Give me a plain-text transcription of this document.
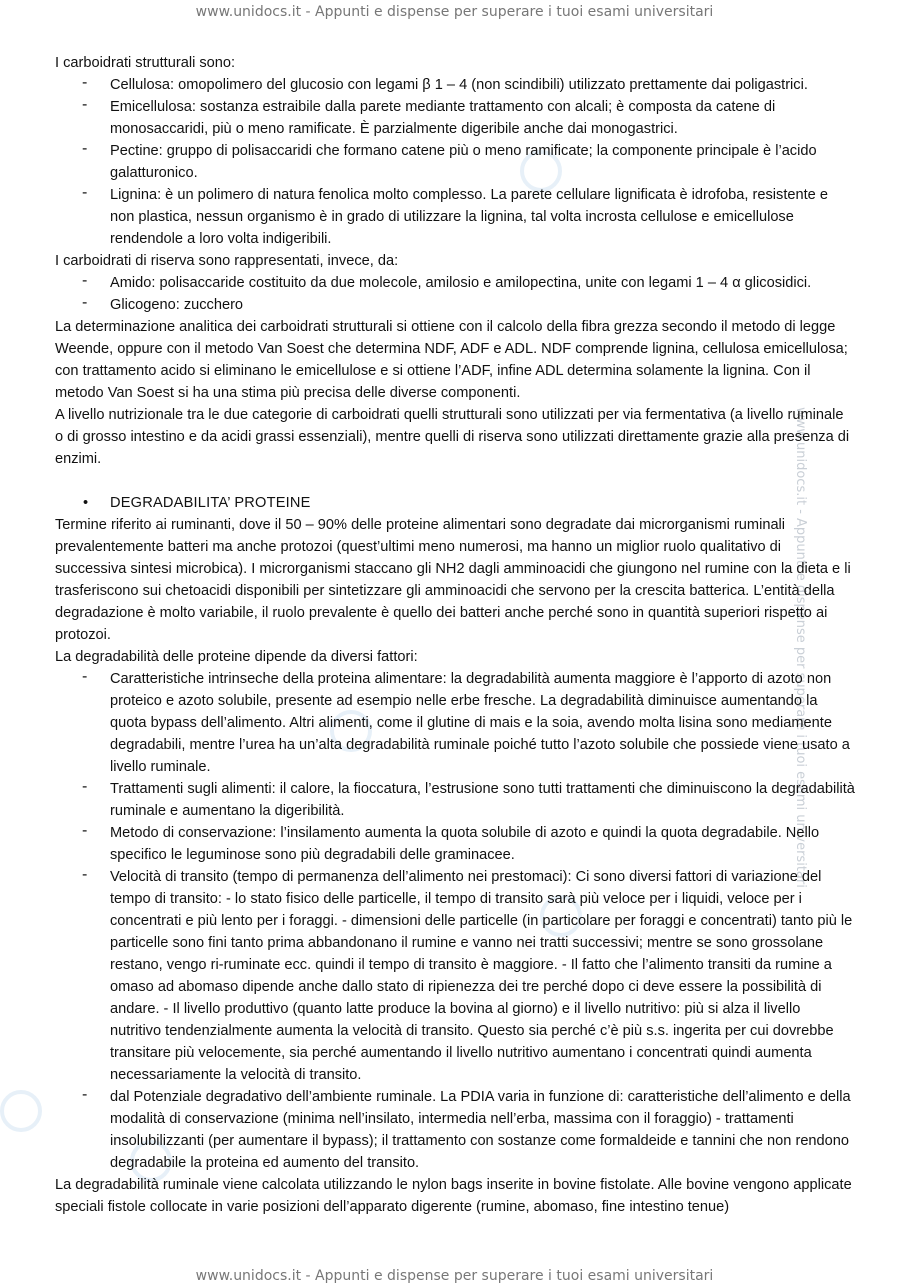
www.unidocs.it - Appunti e dispense per superare i tuoi esami universitari
www.unidocs.it - Appunti e dispense per superare i tuoi esami universitari

I carboidrati strutturali sono:

-	Cellulosa: omopolimero del glucosio con legami β 1 – 4 (non scindibili) utilizzato prettamente dai poligastrici.
-	Emicellulosa: sostanza estraibile dalla parete mediante trattamento con alcali; è composta da catene di monosaccaridi, più o meno ramificate. È parzialmente digeribile anche dai monogastrici.
-	Pectine: gruppo di polisaccaridi che formano catene più o meno ramificate; la componente principale è l’acido galatturonico.
-	Lignina: è un polimero di natura fenolica molto complesso. La parete cellulare lignificata è idrofoba, resistente e non plastica, nessun organismo è in grado di utilizzare la lignina, tal volta incrosta cellulose e emicellulose rendendole a loro volta indigeribili.

I carboidrati di riserva sono rappresentati, invece, da:

-	Amido: polisaccaride costituito da due molecole, amilosio e amilopectina, unite con legami 1 – 4 α glicosidici.
-	Glicogeno: zucchero

La determinazione analitica dei carboidrati strutturali si ottiene con il calcolo della fibra grezza secondo il metodo di legge Weende, oppure con il metodo Van Soest che determina NDF, ADF e ADL. NDF comprende lignina, cellulosa emicellulosa; con trattamento acido si eliminano le emicellulose e si ottiene l’ADF, infine ADL determina solamente la lignina. Con il metodo Van Soest si ha una stima più precisa delle diverse componenti.

A livello nutrizionale tra le due categorie di carboidrati quelli strutturali sono utilizzati per via fermentativa (a livello ruminale o di grosso intestino e da acidi grassi essenziali), mentre quelli di riserva sono utilizzati direttamente grazie alla presenza di enzimi.

•	DEGRADABILITA’ PROTEINE

Termine riferito ai ruminanti, dove il 50 – 90% delle proteine alimentari sono degradate dai microrganismi ruminali prevalentemente batteri ma anche protozoi (quest’ultimi meno numerosi, ma hanno un miglior ruolo qualitativo di successiva sintesi microbica). I microrganismi staccano gli NH2 dagli amminoacidi che giungono nel rumine con la dieta e li trasferiscono sui chetoacidi disponibili per sintetizzare gli amminoacidi che servono per la crescita batterica. L’entità della degradazione è molto variabile, il ruolo prevalente è quello dei batteri anche perché sono in quantità superiori rispetto ai protozoi.

La degradabilità delle proteine dipende da diversi fattori:

-	Caratteristiche intrinseche della proteina alimentare: la degradabilità aumenta maggiore è l’apporto di azoto non proteico e azoto solubile, presente ad esempio nelle erbe fresche. La degradabilità diminuisce aumentando la quota bypass dell’alimento. Altri alimenti, come il glutine di mais e la soia, avendo molta lisina sono mediamente degradabili, mentre l’urea ha un’alta degradabilità ruminale poiché tutto l’azoto solubile che possiede viene usato a livello ruminale.
-	Trattamenti sugli alimenti: il calore, la fioccatura, l’estrusione sono tutti trattamenti che diminuiscono la degradabilità ruminale e aumentano la digeribilità.
-	Metodo di conservazione: l’insilamento aumenta la quota solubile di azoto e quindi la quota degradabile. Nello specifico le leguminose sono più degradabili delle graminacee.
-	Velocità di transito (tempo di permanenza dell’alimento nei prestomaci): Ci sono diversi fattori di variazione del tempo di transito: - lo stato fisico delle particelle, il tempo di transito sarà più veloce per i liquidi, veloce per i concentrati e più lento per i foraggi. - dimensioni delle particelle (in particolare per foraggi e concentrati) tanto più le particelle sono fini tanto prima abbandonano il rumine e vanno nei tratti successivi; mentre se sono grossolane restano, vengo ri-ruminate ecc. quindi il tempo di transito è maggiore. - Il fatto che l’alimento transiti da rumine a omaso ad abomaso dipende anche dallo stato di ripienezza dei tre perché dopo ci deve essere la possibilità di andare. - Il livello produttivo (quanto latte produce la bovina al giorno) e il livello nutritivo: più si alza il livello nutritivo tendenzialmente aumenta la velocità di transito. Questo sia perché c’è più s.s. ingerita per cui dovrebbe transitare più velocemente, sia perché aumentando il livello nutritivo aumentano i concentrati quindi aumenta necessariamente la velocità di transito.
-	dal Potenziale degradativo dell’ambiente ruminale. La PDIA varia in funzione di: caratteristiche dell’alimento e della modalità di conservazione (minima nell’insilato, intermedia nell’erba, massima con il foraggio) - trattamenti insolubilizzanti (per aumentare il bypass); il trattamento con sostanze come formaldeide e tannini che non rendono degradabile la proteina ed aumento del transito.

La degradabilità ruminale viene calcolata utilizzando le nylon bags inserite in bovine fistolate. Alle bovine vengono applicate speciali fistole collocate in varie posizioni dell’apparato digerente (rumine, abomaso, fine intestino tenue)

www.unidocs.it - Appunti e dispense per superare i tuoi esami universitari
